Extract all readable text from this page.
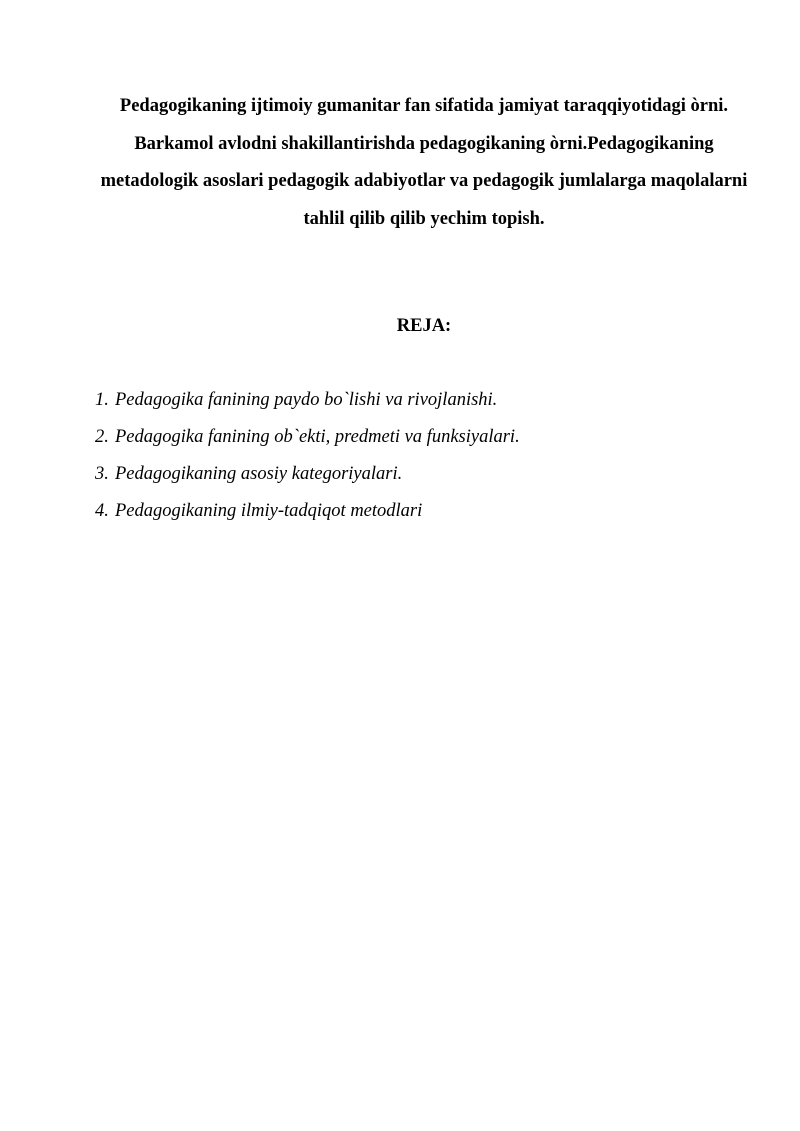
Pedagogikaning ijtimoiy gumanitar fan sifatida jamiyat taraqqiyotidagi òrni. Barkamol avlodni shakillantirishda pedagogikaning òrni.Pedagogikaning metadologik asoslari pedagogik adabiyotlar va pedagogik jumlalarga maqolalarni tahlil qilib qilib yechim topish.

REJA:

1. Pedagogika fanining paydo bo`lishi va rivojlanishi.
2. Pedagogika fanining ob`ekti, predmeti va funksiyalari.
3. Pedagogikaning asosiy kategoriyalari.
4. Pedagogikaning ilmiy-tadqiqot metodlari
